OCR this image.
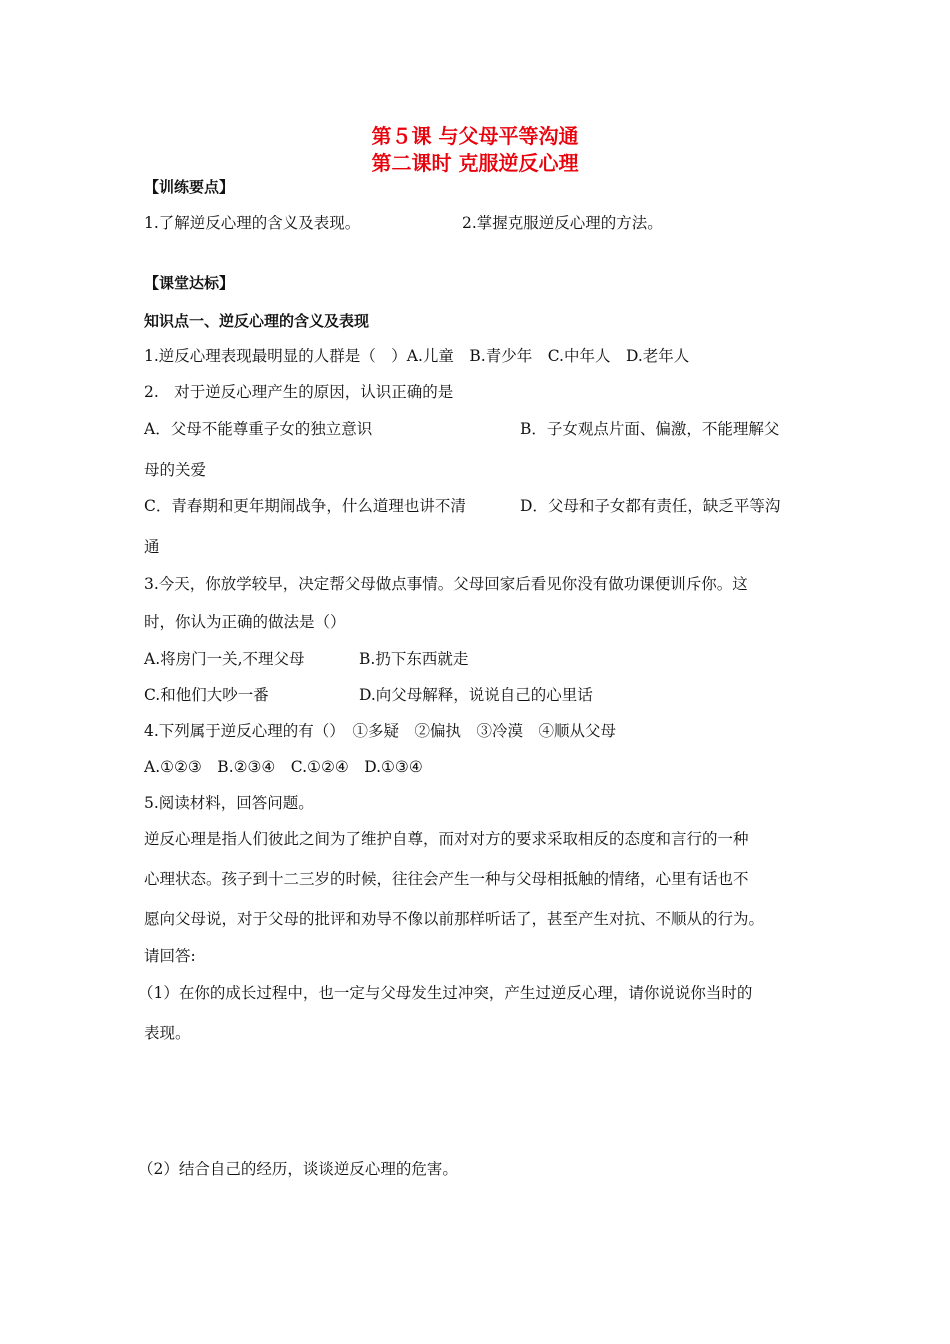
第５课 与父母平等沟通
第二课时 克服逆反心理
【训练要点】
1.了解逆反心理的含义及表现。	2.掌握克服逆反心理的方法。
【课堂达标】
知识点一、逆反心理的含义及表现
1.逆反心理表现最明显的人群是（　）A.儿童　B.青少年　C.中年人　D.老年人
2.　对于逆反心理产生的原因，认识正确的是
A．父母不能尊重子女的独立意识	B．子女观点片面、偏激，不能理解父
母的关爱
C．青春期和更年期闹战争，什么道理也讲不清	D．父母和子女都有责任，缺乏平等沟
通
3.今天，你放学较早，决定帮父母做点事情。父母回家后看见你没有做功课便训斥你。这
时，你认为正确的做法是（）
A.将房门一关,不理父母	B.扔下东西就走
C.和他们大吵一番	D.向父母解释，说说自己的心里话
4.下列属于逆反心理的有（）　①多疑　②偏执　③冷漠　④顺从父母
A.①②③　B.②③④　C.①②④　D.①③④
5.阅读材料，回答问题。
逆反心理是指人们彼此之间为了维护自尊，而对对方的要求采取相反的态度和言行的一种
心理状态。孩子到十二三岁的时候，往往会产生一种与父母相抵触的情绪，心里有话也不
愿向父母说，对于父母的批评和劝导不像以前那样听话了，甚至产生对抗、不顺从的行为。
请回答:
（1）在你的成长过程中，也一定与父母发生过冲突，产生过逆反心理，请你说说你当时的
表现。
（2）结合自己的经历，谈谈逆反心理的危害。
